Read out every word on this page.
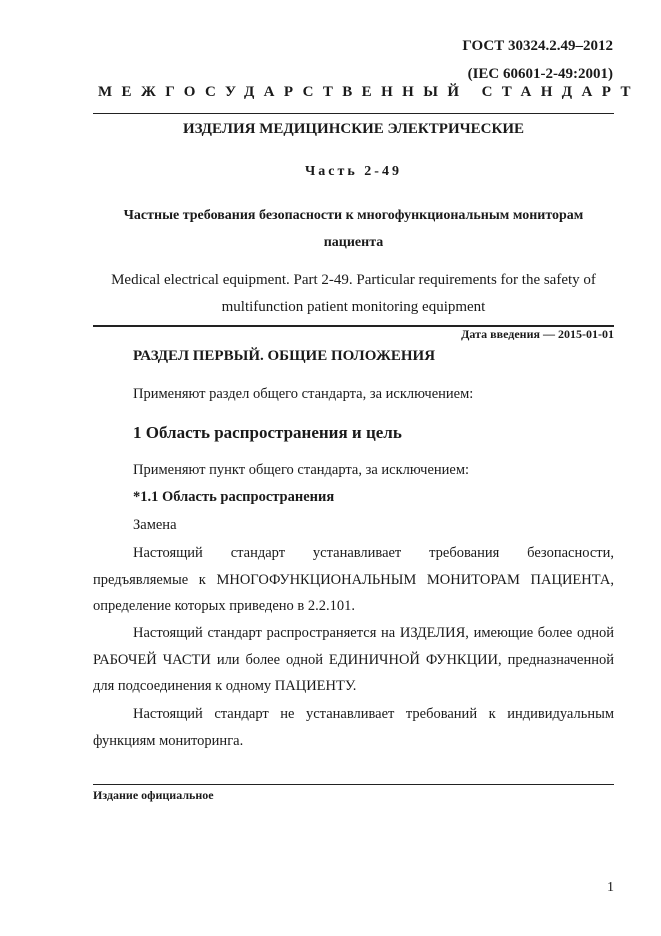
ГОСТ 30324.2.49–2012
(IEC 60601-2-49:2001)
МЕЖГОСУДАРСТВЕННЫЙ СТАНДАРТ
ИЗДЕЛИЯ МЕДИЦИНСКИЕ ЭЛЕКТРИЧЕСКИЕ
Часть 2-49
Частные требования безопасности к многофункциональным мониторам пациента
Medical electrical equipment. Part 2-49. Particular requirements for the safety of multifunction patient monitoring equipment
Дата введения — 2015-01-01
РАЗДЕЛ ПЕРВЫЙ. ОБЩИЕ ПОЛОЖЕНИЯ
Применяют раздел общего стандарта, за исключением:
1 Область распространения и цель
Применяют пункт общего стандарта, за исключением:
*1.1 Область распространения
Замена

Настоящий стандарт устанавливает требования безопасности, предъявляемые к МНОГОФУНКЦИОНАЛЬНЫМ МОНИТОРАМ ПАЦИЕНТА, определение которых приведено в 2.2.101.

Настоящий стандарт распространяется на ИЗДЕЛИЯ, имеющие более одной РАБОЧЕЙ ЧАСТИ или более одной ЕДИНИЧНОЙ ФУНКЦИИ, предназначенной для подсоединения к одному ПАЦИЕНТУ.

Настоящий стандарт не устанавливает требований к индивидуальным функциям мониторинга.

Издание официальное
1
